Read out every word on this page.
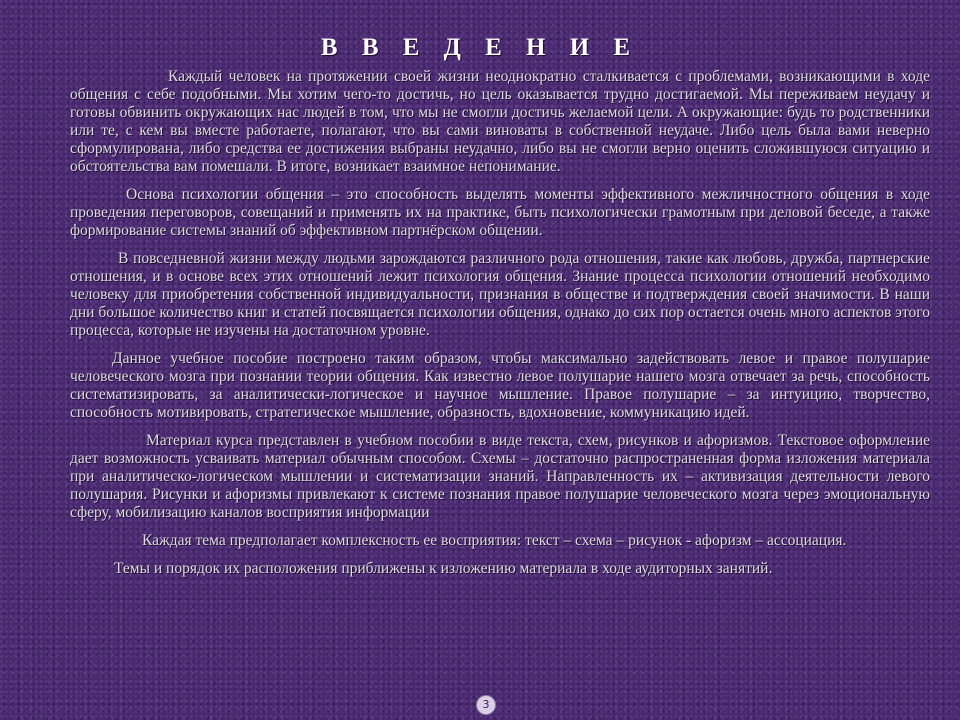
В В Е Д Е Н И Е

Каждый человек на протяжении своей жизни неоднократно сталкивается с проблемами, возникающими в ходе общения с себе подобными. Мы хотим чего-то достичь, но цель оказывается трудно достигаемой. Мы переживаем неудачу и готовы обвинить окружающих нас людей в том, что мы не смогли достичь желаемой цели. А окружающие: будь то родственники или те, с кем вы вместе работаете, полагают, что вы сами виноваты в собственной неудаче. Либо цель была вами неверно сформулирована, либо средства ее достижения выбраны неудачно, либо вы не смогли верно оценить сложившуюся ситуацию и обстоятельства вам помешали. В итоге, возникает взаимное непонимание.

Основа психологии общения – это способность выделять моменты эффективного межличностного общения в ходе проведения переговоров, совещаний и применять их на практике, быть психологически грамотным при деловой беседе, а также формирование системы знаний об эффективном партнёрском общении.

В повседневной жизни между людьми зарождаются различного рода отношения, такие как любовь, дружба, партнерские отношения, и в основе всех этих отношений лежит психология общения. Знание процесса психологии отношений необходимо человеку для приобретения собственной индивидуальности, признания в обществе и подтверждения своей значимости. В наши дни большое количество книг и статей посвящается психологии общения, однако до сих пор остается очень много аспектов этого процесса, которые не изучены на достаточном уровне.

Данное учебное пособие построено таким образом, чтобы максимально задействовать левое и правое полушарие человеческого мозга при познании теории общения. Как известно левое полушарие нашего мозга отвечает за речь, способность систематизировать, за аналитически-логическое и научное мышление. Правое полушарие – за интуицию, творчество, способность мотивировать, стратегическое мышление, образность, вдохновение, коммуникацию идей.

Материал курса представлен в учебном пособии в виде текста, схем, рисунков и афоризмов. Текстовое оформление дает возможность усваивать материал обычным способом. Схемы – достаточно распространенная форма изложения материала при аналитическо-логическом мышлении и систематизации знаний. Направленность их – активизация деятельности левого полушария. Рисунки и афоризмы привлекают к системе познания правое полушарие человеческого мозга через эмоциональную сферу, мобилизацию каналов восприятия информации

Каждая тема предполагает комплексность ее восприятия: текст – схема – рисунок - афоризм – ассоциация.

Темы и порядок их расположения приближены к изложению материала в ходе аудиторных занятий.

3
